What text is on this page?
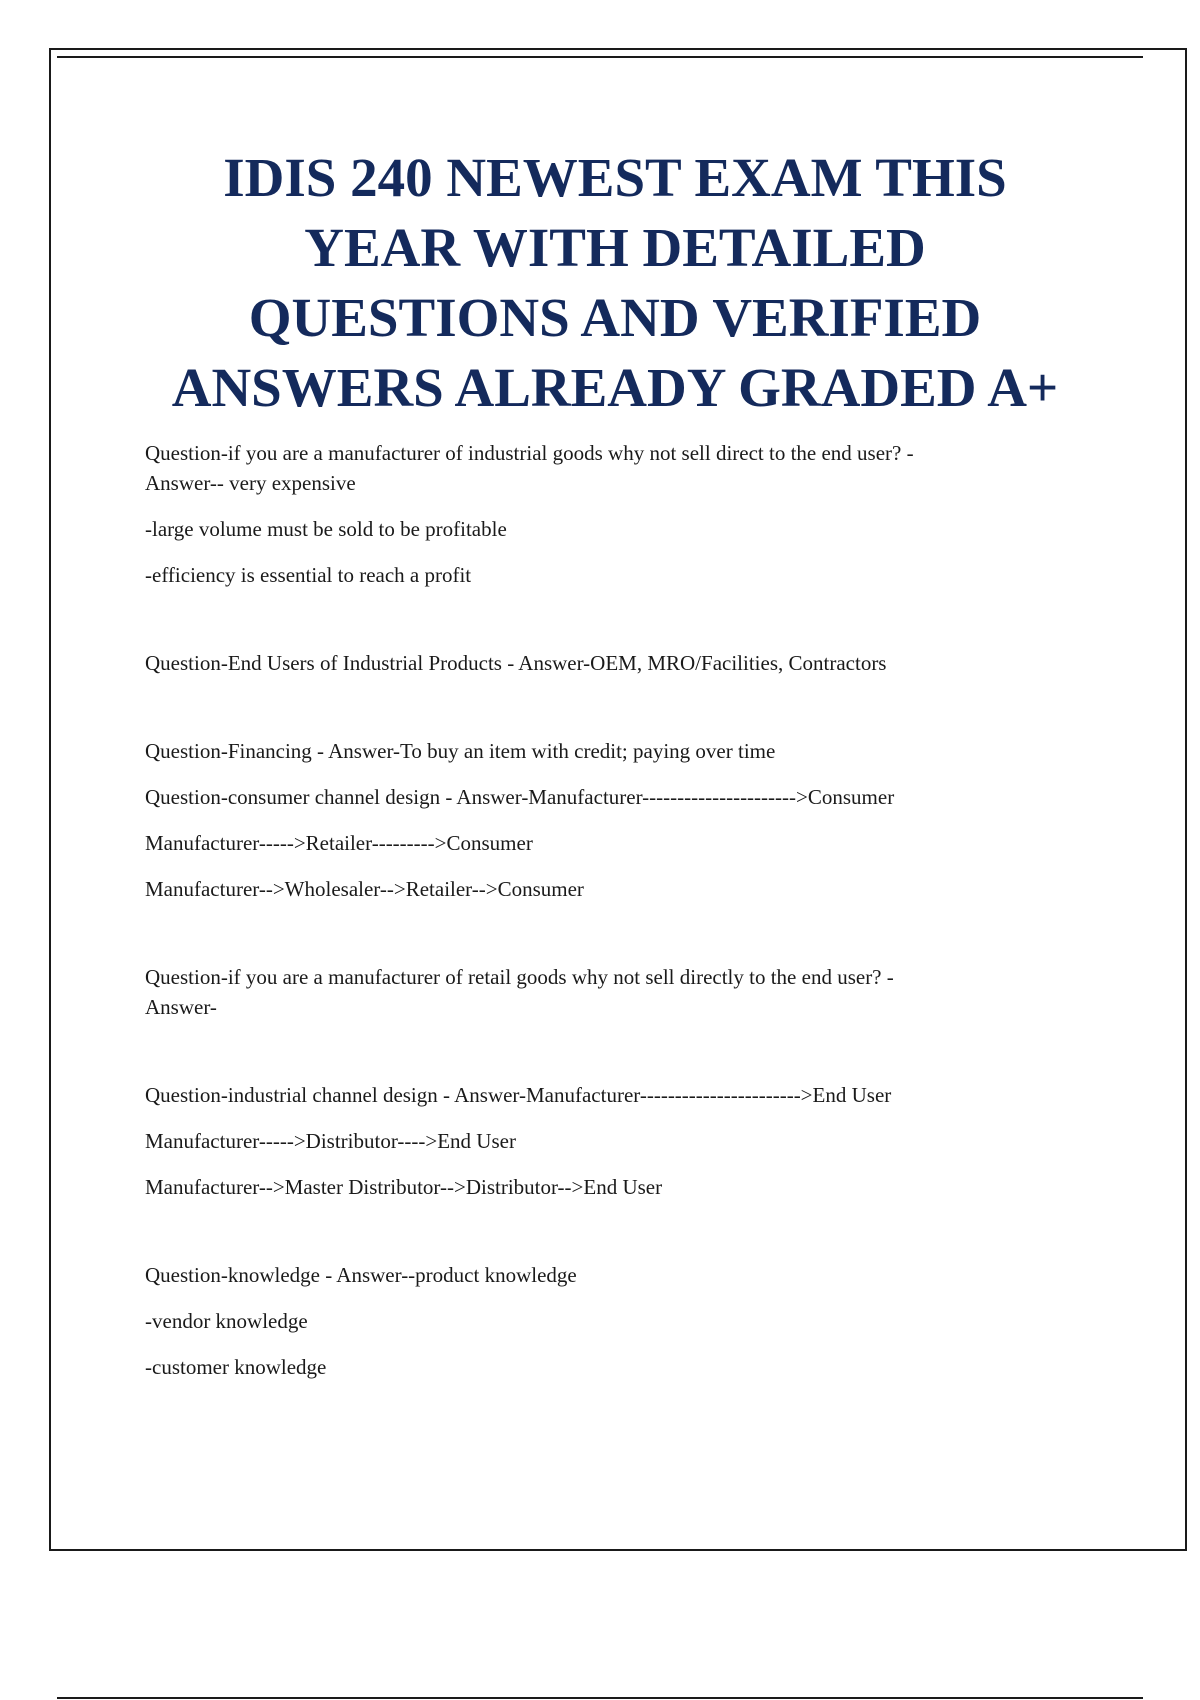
IDIS 240 NEWEST EXAM THIS
YEAR WITH DETAILED
QUESTIONS AND VERIFIED
ANSWERS ALREADY GRADED A+

Question-if you are a manufacturer of industrial goods why not sell direct to the end user? -

Answer-- very expensive

-large volume must be sold to be profitable

-efficiency is essential to reach a profit

Question-End Users of Industrial Products - Answer-OEM, MRO/Facilities, Contractors

Question-Financing - Answer-To buy an item with credit; paying over time

Question-consumer channel design - Answer-Manufacturer---------------------->Consumer

Manufacturer----->Retailer--------->Consumer

Manufacturer-->Wholesaler-->Retailer-->Consumer

Question-if you are a manufacturer of retail goods why not sell directly to the end user? -

Answer-

Question-industrial channel design - Answer-Manufacturer----------------------->End User

Manufacturer----->Distributor---->End User

Manufacturer-->Master Distributor-->Distributor-->End User

Question-knowledge - Answer--product knowledge

-vendor knowledge

-customer knowledge
